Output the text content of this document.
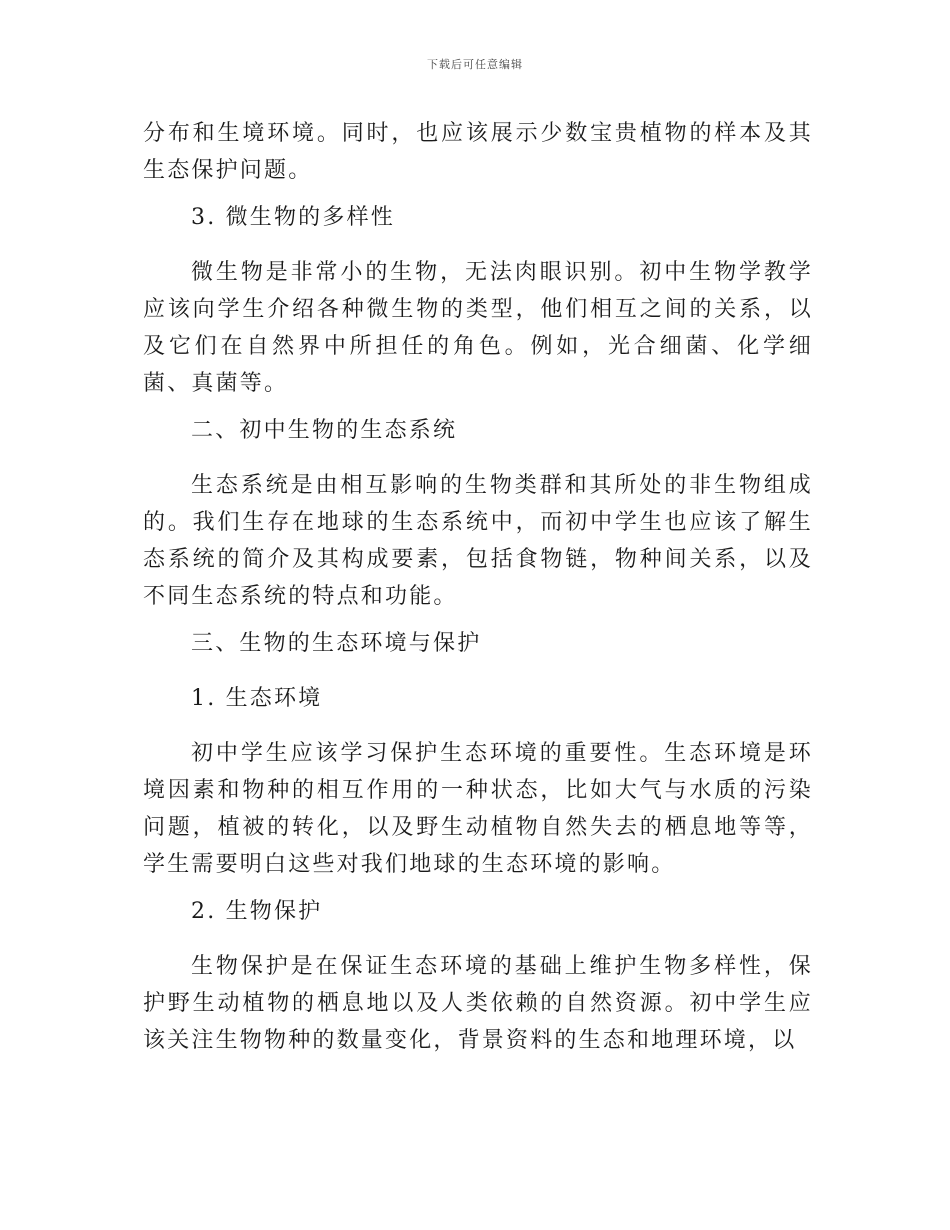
下载后可任意编辑

分布和生境环境。同时，也应该展示少数宝贵植物的样本及其生态保护问题。

3. 微生物的多样性

微生物是非常小的生物，无法肉眼识别。初中生物学教学应该向学生介绍各种微生物的类型，他们相互之间的关系，以及它们在自然界中所担任的角色。例如，光合细菌、化学细菌、真菌等。

二、初中生物的生态系统

生态系统是由相互影响的生物类群和其所处的非生物组成的。我们生存在地球的生态系统中，而初中学生也应该了解生态系统的简介及其构成要素，包括食物链，物种间关系，以及不同生态系统的特点和功能。

三、生物的生态环境与保护

1. 生态环境

初中学生应该学习保护生态环境的重要性。生态环境是环境因素和物种的相互作用的一种状态，比如大气与水质的污染问题，植被的转化，以及野生动植物自然失去的栖息地等等，学生需要明白这些对我们地球的生态环境的影响。

2. 生物保护

生物保护是在保证生态环境的基础上维护生物多样性，保护野生动植物的栖息地以及人类依赖的自然资源。初中学生应该关注生物物种的数量变化，背景资料的生态和地理环境，以
